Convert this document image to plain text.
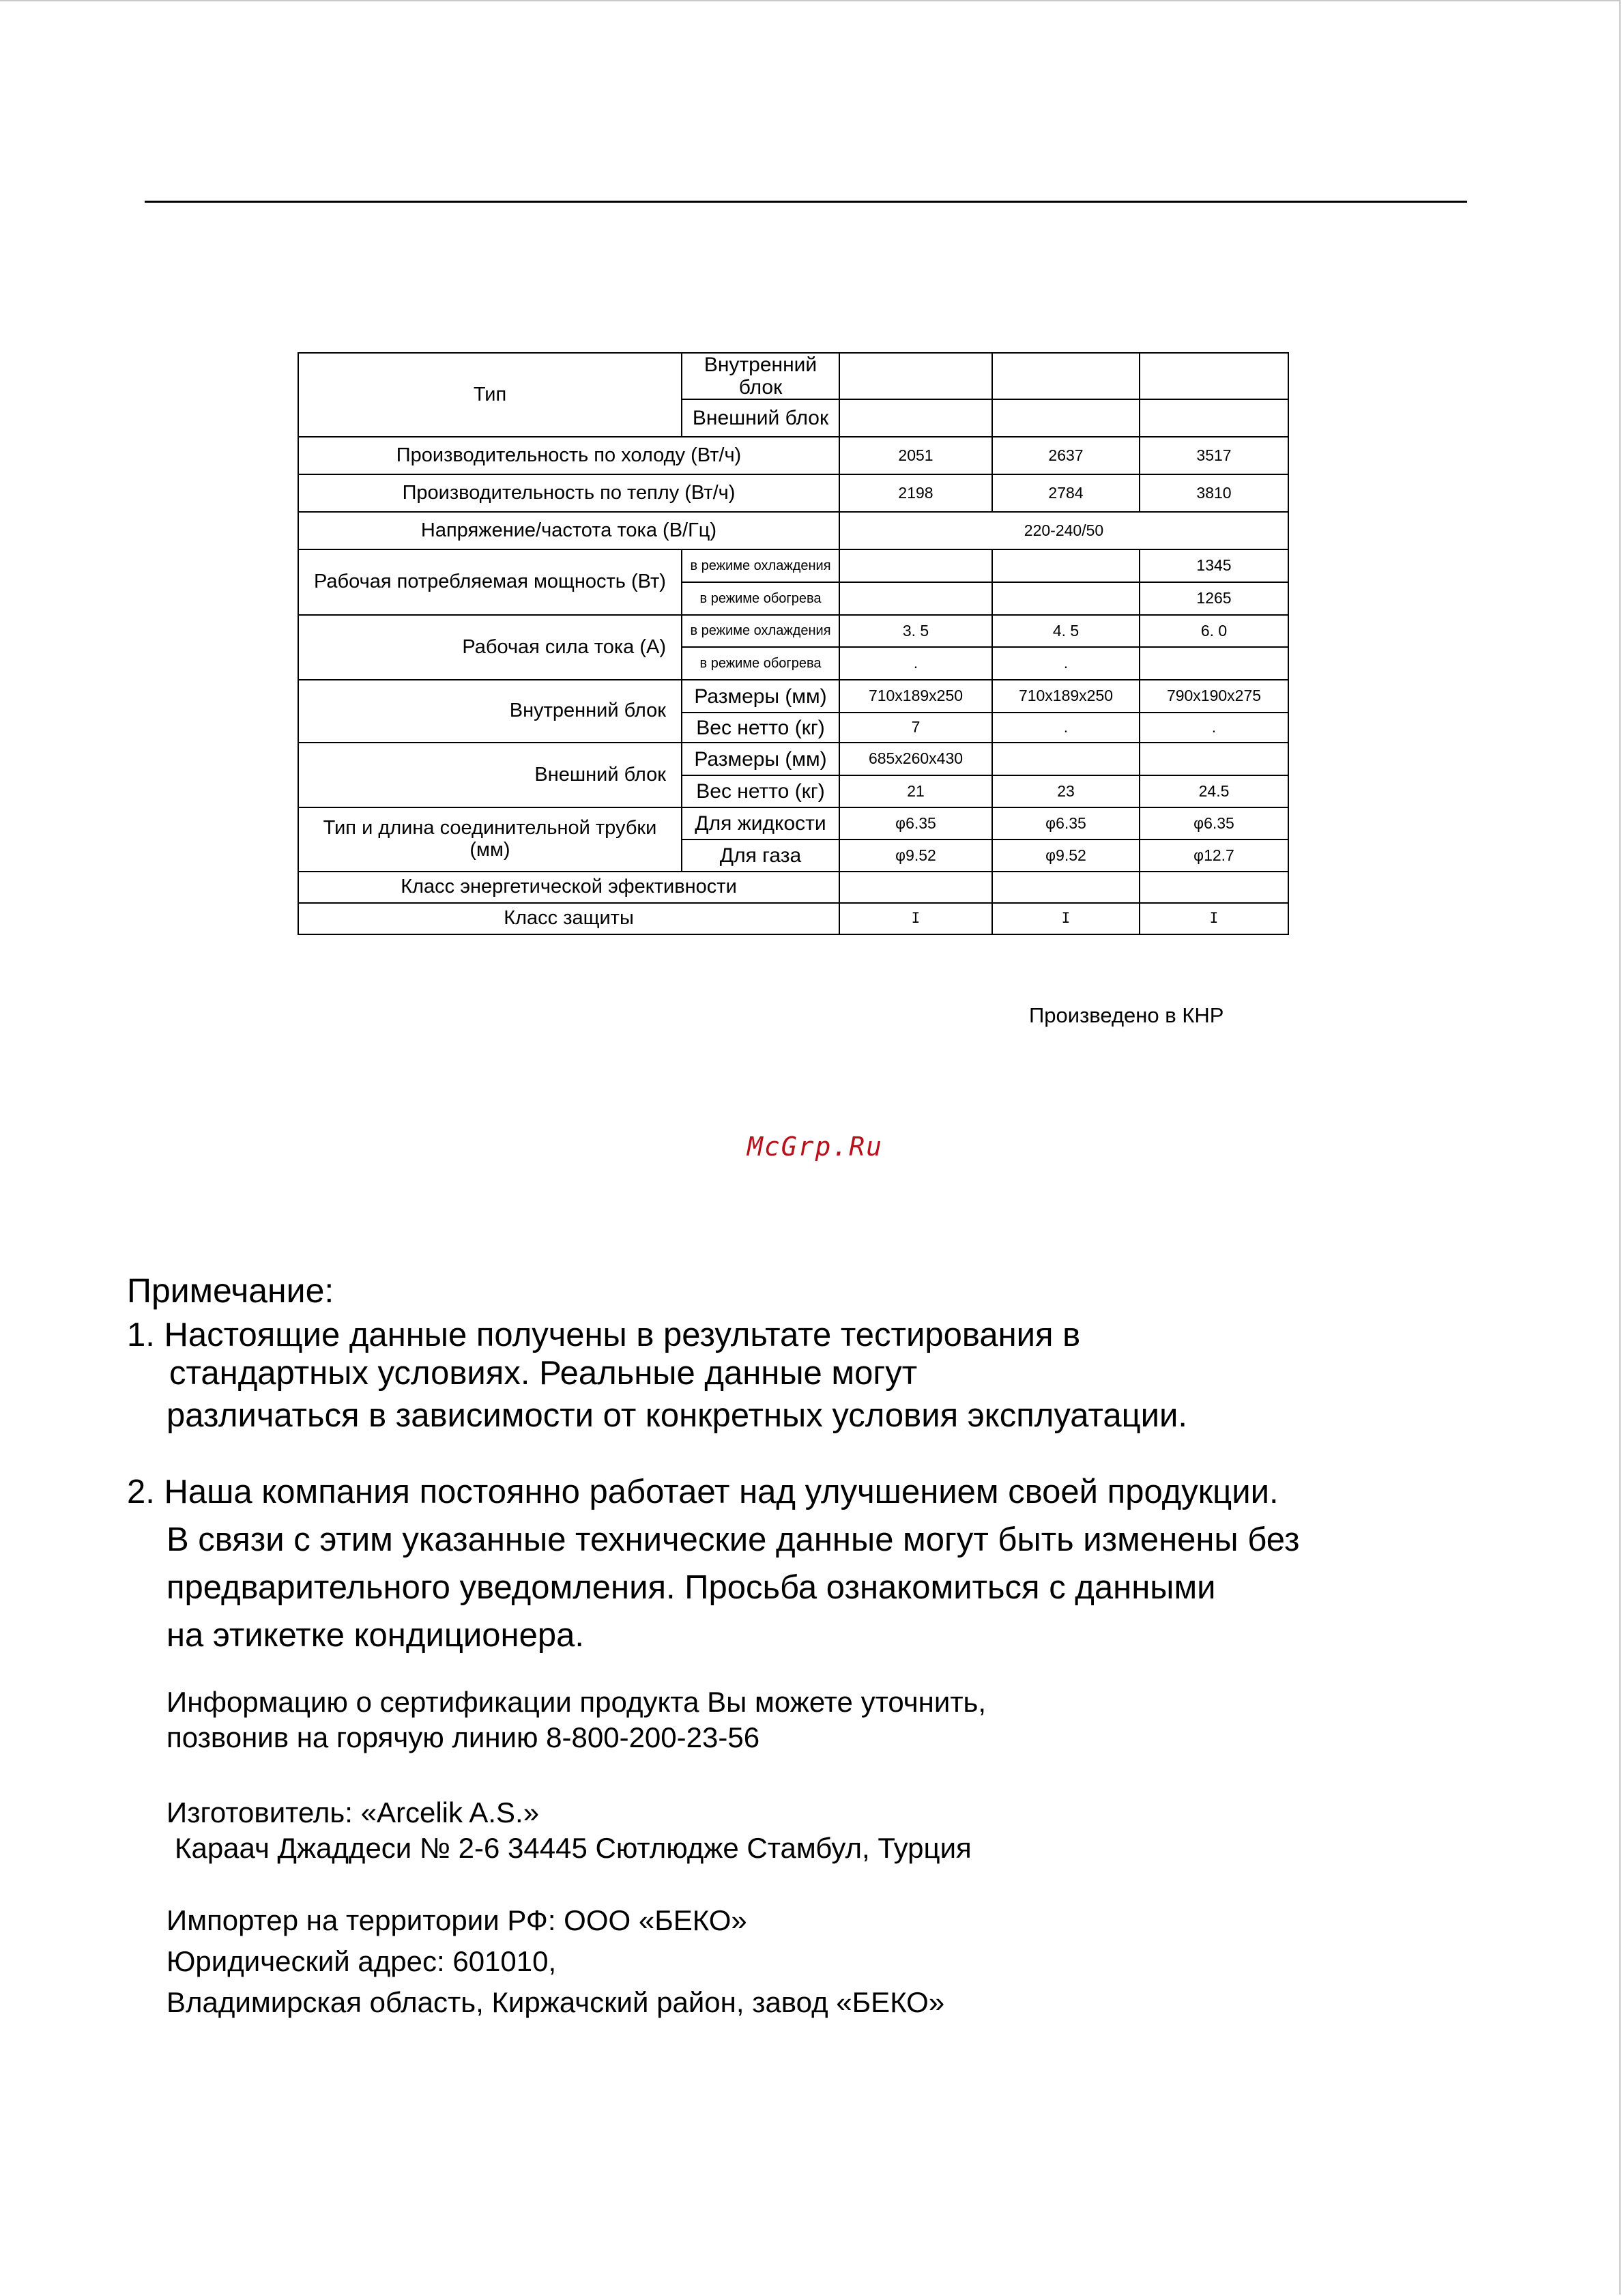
Тип	Внутренний блок			
	Внешний блок			
Производительность по холоду (Вт/ч)		2051	2637	3517
Производительность по теплу (Вт/ч)		2198	2784	3810
Напряжение/частота тока (В/Гц)		220-240/50		
Рабочая потребляемая мощность (Вт)	в режиме охлаждения			1345
	в режиме обогрева			1265
Рабочая сила тока (А)	в режиме охлаждения	3. 5	4. 5	6. 0
	в режиме обогрева	.	.	
Внутренний блок	Размеры (мм)	710x189x250	710x189x250	790x190x275
	Вес нетто (кг)	7	.	.
Внешний блок	Размеры (мм)	685x260x430		
	Вес нетто (кг)	21	23	24.5

Тип и длина соединительной трубки
(мм)	Для жидкости	φ6.35	φ6.35	φ6.35
	Для газа	φ9.52	φ9.52	φ12.7
Класс энергетической эфективности				
Класс защиты		I	I	I
Произведено в КНР
McGrp.Ru
Примечание:
1. Настоящие данные получены в результате тестирования в
стандартных условиях. Реальные данные могут
различаться в зависимости от конкретных условия эксплуатации.
2. Наша компания постоянно работает над улучшением своей продукции.
В связи с этим указанные технические данные могут быть изменены без
предварительного уведомления. Просьба ознакомиться с данными
на этикетке кондиционера.
Информацию о сертификации продукта Вы можете уточнить,
позвонив на горячую линию 8-800-200-23-56
Изготовитель: «Arcelik A.S.»
Караач Джаддеси № 2-6 34445 Сютлюдже Стамбул, Турция
Импортер на территории РФ: ООО «БЕКО»
Юридический адрес: 601010,
Владимирская область, Киржачский район, завод «БЕКО»
